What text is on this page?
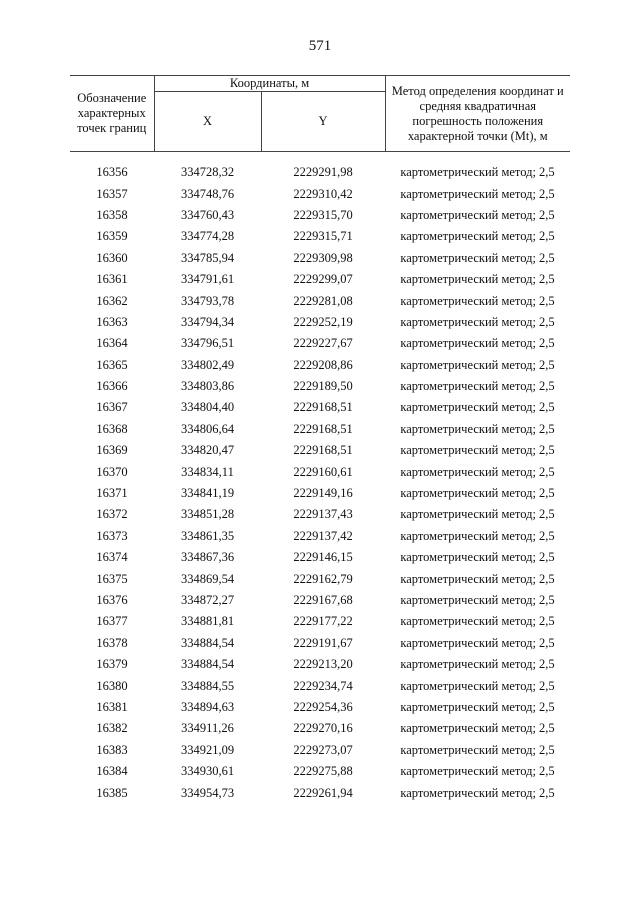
571
Обозначение характерных точек границ	Координаты, м		Метод определения координат и средняя квадратичная погрешность положения характерной точки (Mt), м
	X	Y	

16356	334728,32	2229291,98	картометрический метод; 2,5
16357	334748,76	2229310,42	картометрический метод; 2,5
16358	334760,43	2229315,70	картометрический метод; 2,5
16359	334774,28	2229315,71	картометрический метод; 2,5
16360	334785,94	2229309,98	картометрический метод; 2,5
16361	334791,61	2229299,07	картометрический метод; 2,5
16362	334793,78	2229281,08	картометрический метод; 2,5
16363	334794,34	2229252,19	картометрический метод; 2,5
16364	334796,51	2229227,67	картометрический метод; 2,5
16365	334802,49	2229208,86	картометрический метод; 2,5
16366	334803,86	2229189,50	картометрический метод; 2,5
16367	334804,40	2229168,51	картометрический метод; 2,5
16368	334806,64	2229168,51	картометрический метод; 2,5
16369	334820,47	2229168,51	картометрический метод; 2,5
16370	334834,11	2229160,61	картометрический метод; 2,5
16371	334841,19	2229149,16	картометрический метод; 2,5
16372	334851,28	2229137,43	картометрический метод; 2,5
16373	334861,35	2229137,42	картометрический метод; 2,5
16374	334867,36	2229146,15	картометрический метод; 2,5
16375	334869,54	2229162,79	картометрический метод; 2,5
16376	334872,27	2229167,68	картометрический метод; 2,5
16377	334881,81	2229177,22	картометрический метод; 2,5
16378	334884,54	2229191,67	картометрический метод; 2,5
16379	334884,54	2229213,20	картометрический метод; 2,5
16380	334884,55	2229234,74	картометрический метод; 2,5
16381	334894,63	2229254,36	картометрический метод; 2,5
16382	334911,26	2229270,16	картометрический метод; 2,5
16383	334921,09	2229273,07	картометрический метод; 2,5
16384	334930,61	2229275,88	картометрический метод; 2,5
16385	334954,73	2229261,94	картометрический метод; 2,5
